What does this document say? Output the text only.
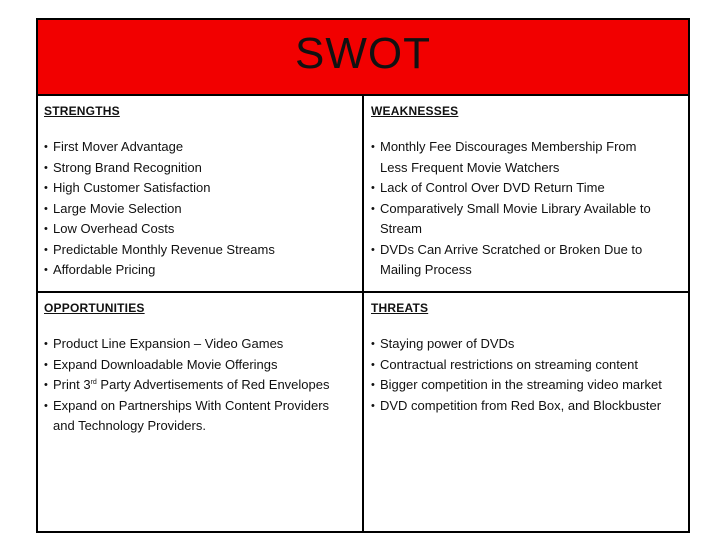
SWOT
STRENGTHS
• First Mover Advantage
• Strong Brand Recognition
• High Customer Satisfaction
• Large Movie Selection
• Low Overhead Costs
• Predictable Monthly Revenue Streams
• Affordable Pricing
WEAKNESSES
• Monthly Fee Discourages Membership From
Less Frequent Movie Watchers
• Lack of Control Over DVD Return Time
• Comparatively Small Movie Library Available to
Stream
• DVDs Can Arrive Scratched or Broken Due to
Mailing Process
OPPORTUNITIES
• Product Line Expansion – Video Games
• Expand Downloadable Movie Offerings
• Print 3rd Party Advertisements of Red Envelopes
• Expand on Partnerships With Content Providers
and Technology Providers.
THREATS
• Staying power of DVDs
• Contractual restrictions on streaming content
• Bigger competition in the streaming video market
• DVD competition from Red Box, and Blockbuster
